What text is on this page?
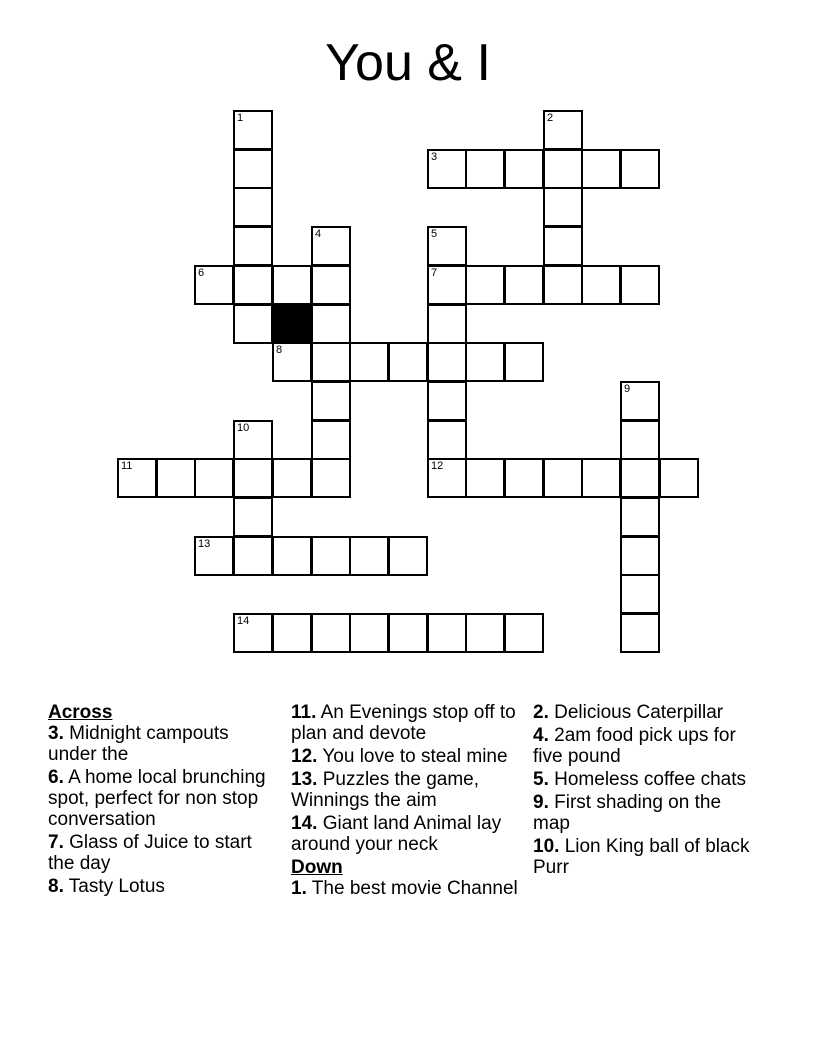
You & I
3
6	7
8
11	12
13
14
1	2
4	5
9
10
Across
3. Midnight campouts under the
6. A home local brunching spot, perfect for non stop conversation
7. Glass of Juice to start the day
8. Tasty Lotus
11. An Evenings stop off to plan and devote
12. You love to steal mine
13. Puzzles the game, Winnings the aim
14. Giant land Animal lay around your neck
Down
1. The best movie Channel
2. Delicious Caterpillar
4. 2am food pick ups for five pound
5. Homeless coffee chats
9. First shading on the map
10. Lion King ball of black Purr
